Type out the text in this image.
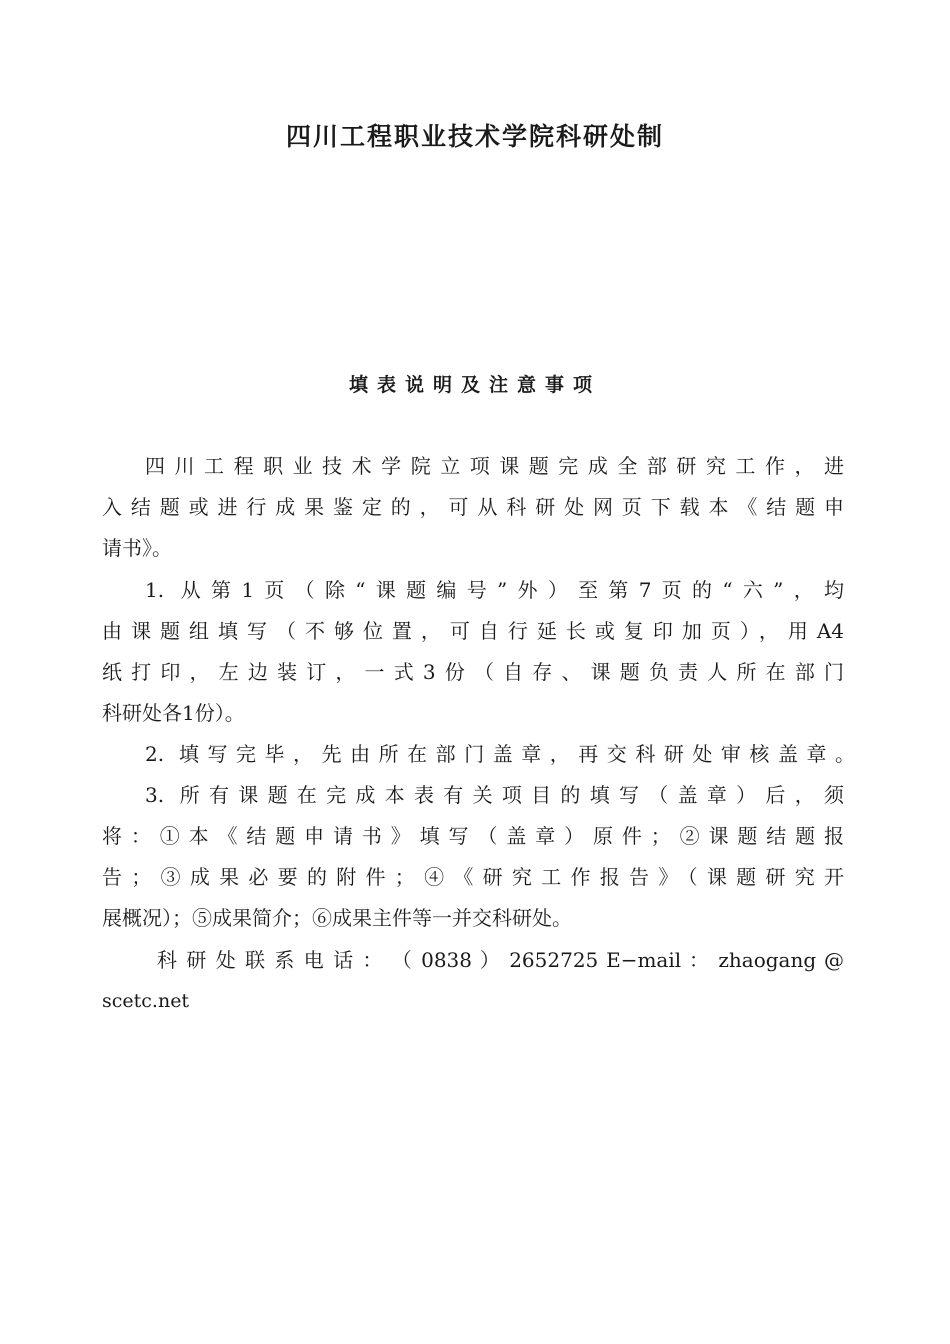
四川工程职业技术学院科研处制
填表说明及注意事项

四川工程职业技术学院立项课题完成全部研究工作，进

入结题或进行成果鉴定的，可从科研处网页下载本《结题申

请书》。

1. 从第1页（除“课题编号”外）至第7页的“六”，均

由课题组填写（不够位置，可自行延长或复印加页），用A4

纸打印，左边装订，一式3份（自存、课题负责人所在部门

科研处各1份）。

2. 填写完毕，先由所在部门盖章，再交科研处审核盖章。

3. 所有课题在完成本表有关项目的填写（盖章）后，须

将：①本《结题申请书》填写（盖章）原件；②课题结题报

告；③成果必要的附件；④《研究工作报告》（课题研究开

展概况）；⑤成果简介；⑥成果主件等一并交科研处。

科 研 处 联 系 电 话 ： （ 0838 ） 2652725 E−mail ： zhaogang @

scetc.net
